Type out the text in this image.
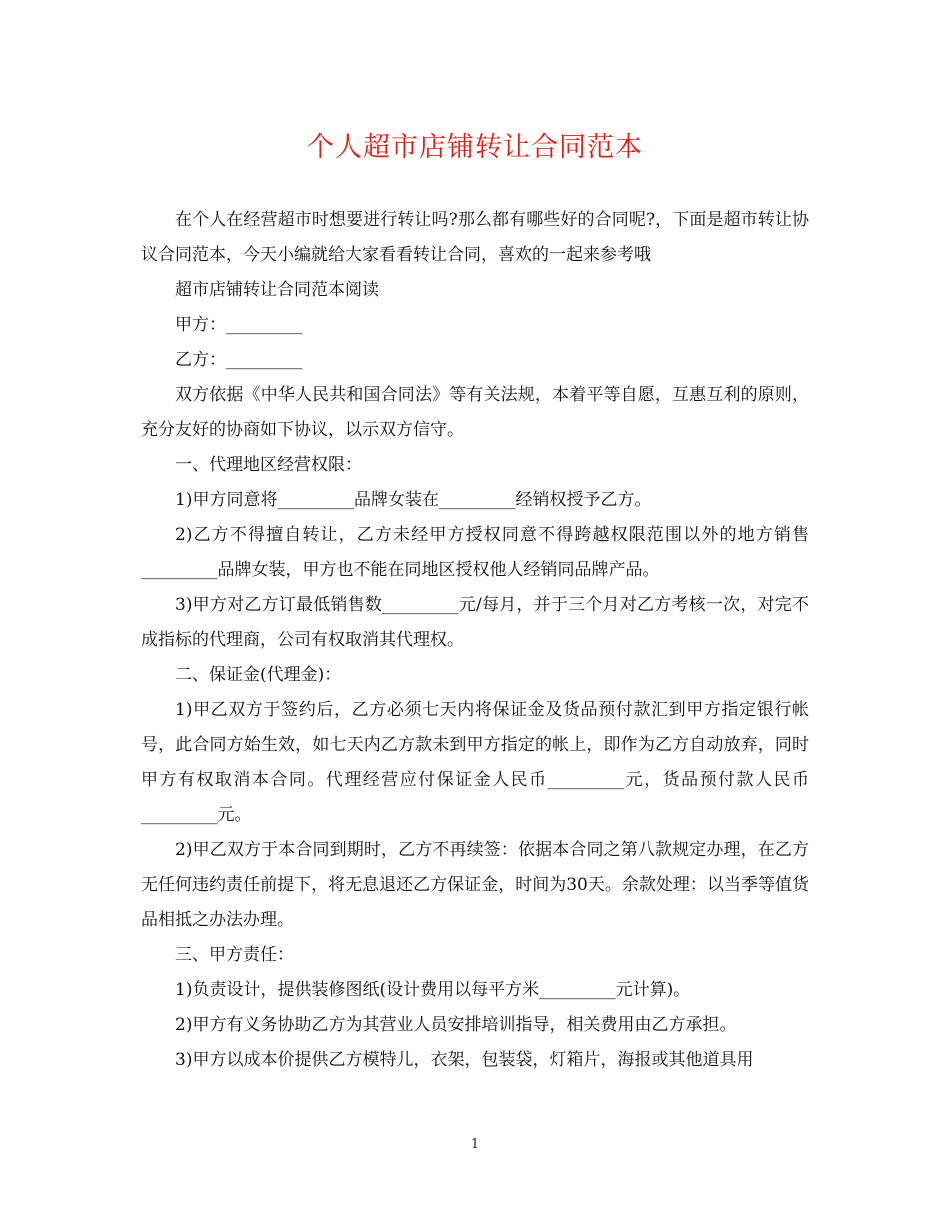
个人超市店铺转让合同范本

在个人在经营超市时想要进行转让吗?那么都有哪些好的合同呢?，下面是超市转让协议合同范本，今天小编就给大家看看转让合同，喜欢的一起来参考哦

超市店铺转让合同范本阅读

甲方：_________

乙方：_________

双方依据《中华人民共和国合同法》等有关法规，本着平等自愿，互惠互利的原则，充分友好的协商如下协议，以示双方信守。

一、代理地区经营权限：

1)甲方同意将_________品牌女装在_________经销权授予乙方。

2)乙方不得擅自转让，乙方未经甲方授权同意不得跨越权限范围以外的地方销售_________品牌女装，甲方也不能在同地区授权他人经销同品牌产品。

3)甲方对乙方订最低销售数_________元/每月，并于三个月对乙方考核一次，对完不成指标的代理商，公司有权取消其代理权。

二、保证金(代理金)：

1)甲乙双方于签约后，乙方必须七天内将保证金及货品预付款汇到甲方指定银行帐号，此合同方始生效，如七天内乙方款未到甲方指定的帐上，即作为乙方自动放弃，同时甲方有权取消本合同。代理经营应付保证金人民币_________元，货品预付款人民币_________元。

2)甲乙双方于本合同到期时，乙方不再续签：依据本合同之第八款规定办理，在乙方无任何违约责任前提下，将无息退还乙方保证金，时间为30天。余款处理：以当季等值货品相抵之办法办理。

三、甲方责任：

1)负责设计，提供装修图纸(设计费用以每平方米_________元计算)。

2)甲方有义务协助乙方为其营业人员安排培训指导，相关费用由乙方承担。

3)甲方以成本价提供乙方模特儿，衣架，包装袋，灯箱片，海报或其他道具用

1
